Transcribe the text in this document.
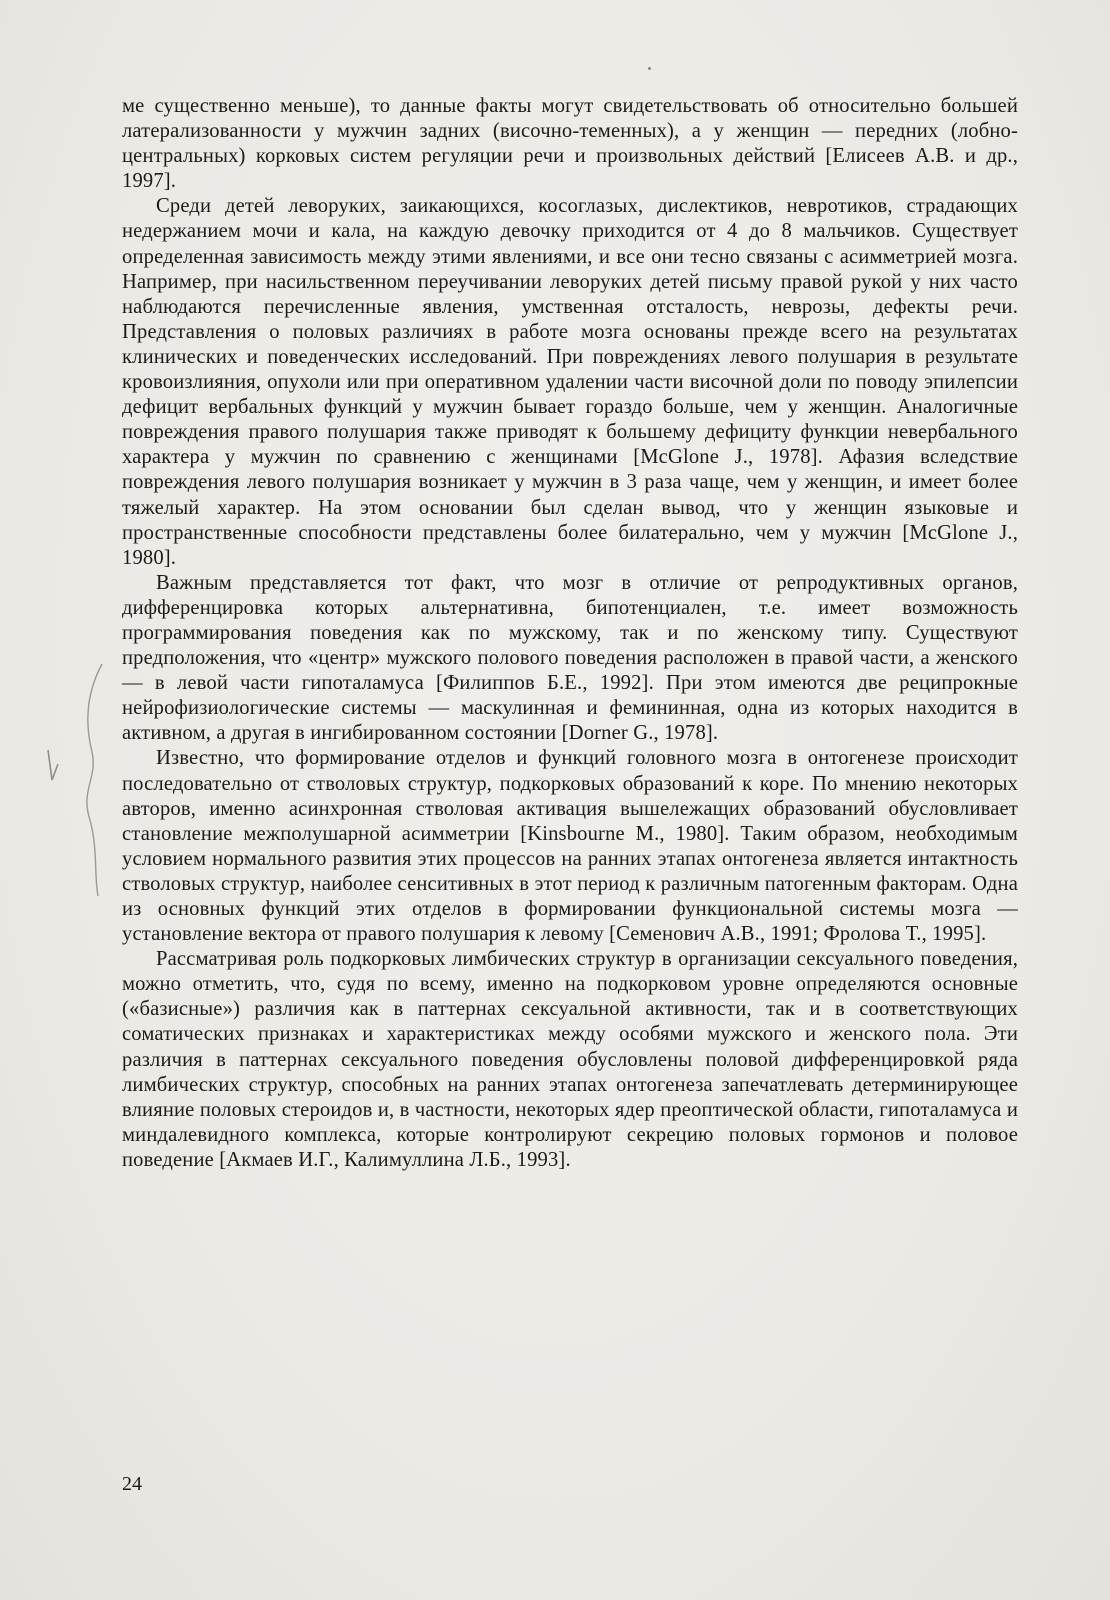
ме существенно меньше), то данные факты могут свидетельствовать об относительно большей латерализованности у мужчин задних (височно-теменных), а у женщин — передних (лобно-центральных) корковых систем регуляции речи и произвольных действий [Елисеев А.В. и др., 1997].

Среди детей леворуких, заикающихся, косоглазых, дислектиков, невротиков, страдающих недержанием мочи и кала, на каждую девочку приходится от 4 до 8 мальчиков. Существует определенная зависимость между этими явлениями, и все они тесно связаны с асимметрией мозга. Например, при насильственном переучивании леворуких детей письму правой рукой у них часто наблюдаются перечисленные явления, умственная отсталость, неврозы, дефекты речи. Представления о половых различиях в работе мозга основаны прежде всего на результатах клинических и поведенческих исследований. При повреждениях левого полушария в результате кровоизлияния, опухоли или при оперативном удалении части височной доли по поводу эпилепсии дефицит вербальных функций у мужчин бывает гораздо больше, чем у женщин. Аналогичные повреждения правого полушария также приводят к большему дефициту функции невербального характера у мужчин по сравнению с женщинами [McGlone J., 1978]. Афазия вследствие повреждения левого полушария возникает у мужчин в 3 раза чаще, чем у женщин, и имеет более тяжелый характер. На этом основании был сделан вывод, что у женщин языковые и пространственные способности представлены более билатерально, чем у мужчин [McGlone J., 1980].

Важным представляется тот факт, что мозг в отличие от репродуктивных органов, дифференцировка которых альтернативна, бипотенциален, т.е. имеет возможность программирования поведения как по мужскому, так и по женскому типу. Существуют предположения, что «центр» мужского полового поведения расположен в правой части, а женского — в левой части гипоталамуса [Филиппов Б.Е., 1992]. При этом имеются две реципрокные нейрофизиологические системы — маскулинная и фемининная, одна из которых находится в активном, а другая в ингибированном состоянии [Dorner G., 1978].

Известно, что формирование отделов и функций головного мозга в онтогенезе происходит последовательно от стволовых структур, подкорковых образований к коре. По мнению некоторых авторов, именно асинхронная стволовая активация вышележащих образований обусловливает становление межполушарной асимметрии [Kinsbourne M., 1980]. Таким образом, необходимым условием нормального развития этих процессов на ранних этапах онтогенеза является интактность стволовых структур, наиболее сенситивных в этот период к различным патогенным факторам. Одна из основных функций этих отделов в формировании функциональной системы мозга — установление вектора от правого полушария к левому [Семенович А.В., 1991; Фролова Т., 1995].

Рассматривая роль подкорковых лимбических структур в организации сексуального поведения, можно отметить, что, судя по всему, именно на подкорковом уровне определяются основные («базисные») различия как в паттернах сексуальной активности, так и в соответствующих соматических признаках и характеристиках между особями мужского и женского пола. Эти различия в паттернах сексуального поведения обусловлены половой дифференцировкой ряда лимбических структур, способных на ранних этапах онтогенеза запечатлевать детерминирующее влияние половых стероидов и, в частности, некоторых ядер преоптической области, гипоталамуса и миндалевидного комплекса, которые контролируют секрецию половых гормонов и половое поведение [Акмаев И.Г., Калимуллина Л.Б., 1993].

24
